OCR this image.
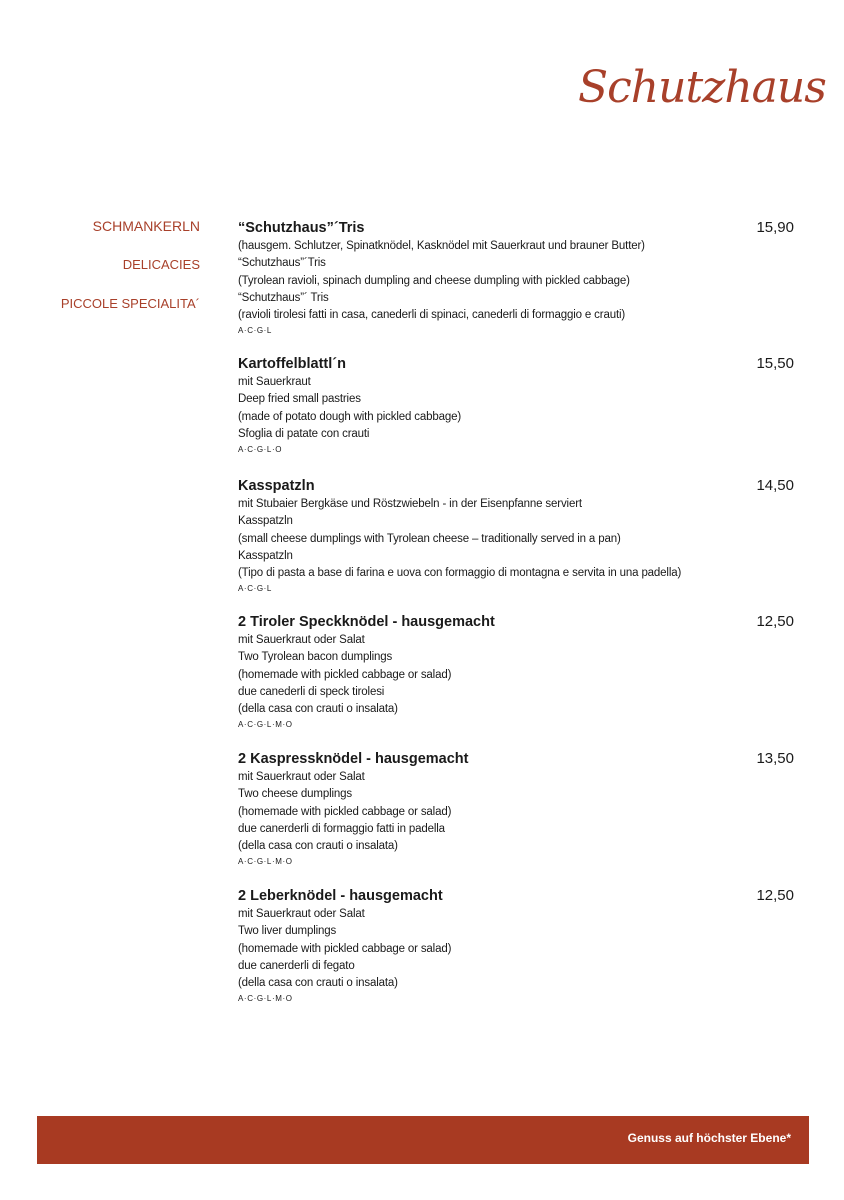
Schutzhaus
SCHMANKERLN
DELICACIES
PICCOLE SPECIALITA´
“Schutzhaus”´Tris	15,90
(hausgem. Schlutzer, Spinatknödel, Kasknödel mit Sauerkraut und brauner Butter)
“Schutzhaus”´Tris
(Tyrolean ravioli, spinach dumpling and cheese dumpling with pickled cabbage)
“Schutzhaus”´ Tris
(ravioli tirolesi fatti in casa, canederli di spinaci, canederli di formaggio e crauti)
A·C·G·L
Kartoffelblattl´n	15,50
mit Sauerkraut
Deep fried small pastries
(made of potato dough with pickled cabbage)
Sfoglia di patate con crauti
A·C·G·L·O
Kasspatzln	14,50
mit Stubaier Bergkäse und Röstzwiebeln - in der Eisenpfanne serviert
Kasspatzln
(small cheese dumplings with Tyrolean cheese – traditionally served in a pan)
Kasspatzln
(Tipo di pasta a base di farina e uova con formaggio di montagna e servita in una padella)
A·C·G·L
2 Tiroler Speckknödel - hausgemacht	12,50
mit Sauerkraut oder Salat
Two Tyrolean bacon dumplings
(homemade with pickled cabbage or salad)
due canederli di speck tirolesi
(della casa con crauti o insalata)
A·C·G·L·M·O
2 Kaspressknödel - hausgemacht	13,50
mit Sauerkraut oder Salat
Two cheese dumplings
(homemade with pickled cabbage or salad)
due canerderli di formaggio fatti in padella
(della casa con crauti o insalata)
A·C·G·L·M·O
2 Leberknödel - hausgemacht	12,50
mit Sauerkraut oder Salat
Two liver dumplings
(homemade with pickled cabbage or salad)
due canerderli di fegato
(della casa con crauti o insalata)
A·C·G·L·M·O
Genuss auf höchster Ebene*
